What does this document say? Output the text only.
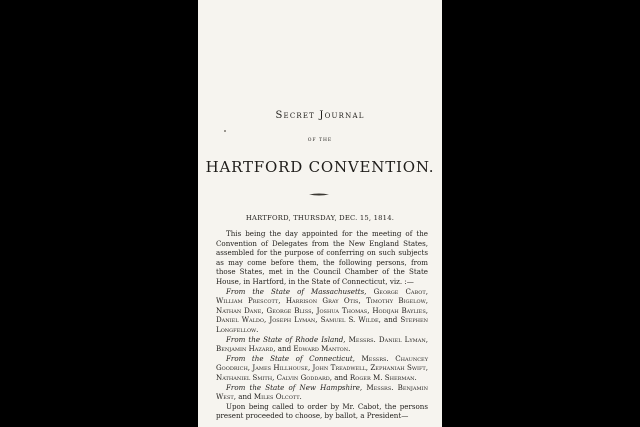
Secret Journal
OF THE
HARTFORD CONVENTION.
HARTFORD, THURSDAY, DEC. 15, 1814.

This being the day appointed for the meeting of the Convention of Delegates from the New England States, assembled for the purpose of conferring on such subjects as may come before them, the following persons, from those States, met in the Council Chamber of the State House, in Hartford, in the State of Connecticut, viz. :—

From the State of Massachusetts, George Cabot, William Prescott, Harrison Gray Otis, Timothy Bigelow, Nathan Dane, George Bliss, Joshua Thomas, Hodijah Baylies, Daniel Waldo, Joseph Lyman, Samuel S. Wilde, and Stephen Longfellow.

From the State of Rhode Island, Messrs. Daniel Lyman, Benjamin Hazard, and Edward Manton.

From the State of Connecticut, Messrs. Chauncey Goodrich, James Hillhouse, John Treadwell, Zephaniah Swift, Nathaniel Smith, Calvin Goddard, and Roger M. Sherman.

From the State of New Hampshire, Messrs. Benjamin West, and Miles Olcott.

Upon being called to order by Mr. Cabot, the persons present proceeded to choose, by ballot, a President—
